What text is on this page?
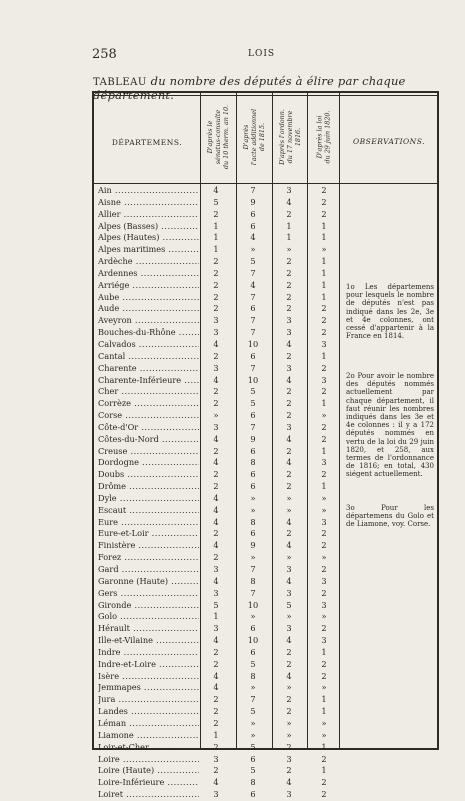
258	LOIS
TABLEAU du nombre des députés à élire par chaque département.
DÉPARTEMENS.	D'après le
sénatus-consulte
du 10 therm. an 10.
D'après
l'acte additionnel
de 1815.
D'après l'ordonn.
du 17 novembre
1816. D'après la loi
du 29 juin 1820.
OBSERVATIONS.
Ain .....	4	7	3	2
Aisne .....	5	9	4	2
Allier .....	2	6	2	2
Alpes (Basses) .....	1	6	1	1
Alpes (Hautes) .....	1	4	1	1
Alpes maritimes .....	1	»	»	»
Ardèche .....	2	5	2	1
Ardennes .....	2	7	2	1
Arriége .....	2	4	2	1
Aube .....	2	7	2	1
Aude .....	2	6	2	2
Aveyron .....	3	7	3	2
Bouches-du-Rhône .....	3	7	3	2
Calvados .....	4	10	4	3
Cantal .....	2	6	2	1
Charente .....	3	7	3	2
Charente-Inférieure .....	4	10	4	3
Cher .....	2	5	2	2
Corrèze .....	2	5	2	1
Corse .....	»	6	2	»
Côte-d'Or .....	3	7	3	2
Côtes-du-Nord .....	4	9	4	2
Creuse .....	2	6	2	1
Dordogne .....	4	8	4	3
Doubs .....	2	6	2	2
Drôme .....	2	6	2	1
Dyle .....	4	»	»	»
Escaut .....	4	»	»	»
Eure .....	4	8	4	3
Eure-et-Loir .....	2	6	2	2
Finistère .....	4	9	4	2
Forez .....	2	»	»	»
Gard .....	3	7	3	2
Garonne (Haute) .....	4	8	4	3
Gers .....	3	7	3	2
Gironde .....	5	10	5	3
Golo .....	1	»	»	»
Hérault .....	3	6	3	2
Ille-et-Vilaine .....	4	10	4	3
Indre .....	2	6	2	1
Indre-et-Loire .....	2	5	2	2
Isère .....	4	8	4	2
Jemmapes .....	4	»	»	»
Jura .....	2	7	2	1
Landes .....	2	5	2	1
Léman .....	2	»	»	»
Liamone .....	1	»	»	»
Loir-et-Cher .....	2	5	2	1
Loire .....	3	6	3	2
Loire (Haute) .....	2	5	2	1
Loire-Inférieure .....	4	8	4	2
Loiret .....	3	6	3	2
1o Les départemens pour lesquels le nombre de députés n'est pas indiqué dans les 2e, 3e et 4e colonnes, ont cessé d'appartenir à la France en 1814.
2o Pour avoir le nombre des députés nommés actuellement par chaque département, il faut réunir les nombres indiqués dans les 3e et 4e colonnes : il y a 172 députés nommés en vertu de la loi du 29 juin 1820, et 258, aux termes de l'ordonnance de 1816; en total, 430 siégent actuellement.
3o Pour les départemens du Golo et de Liamone, voy. Corse.
